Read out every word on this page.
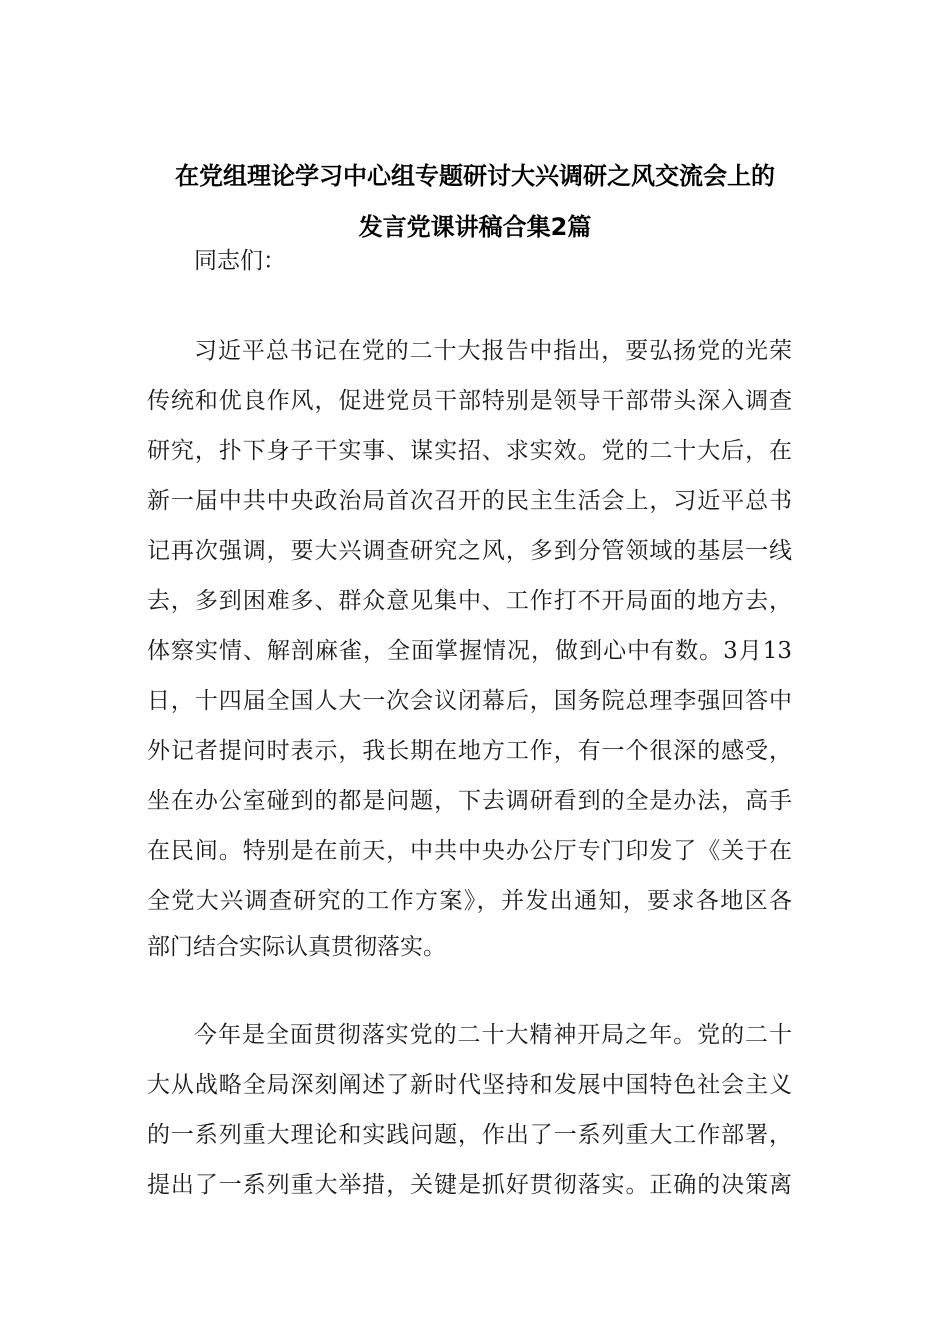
在党组理论学习中心组专题研讨大兴调研之风交流会上的
发言党课讲稿合集2篇
同志们：
习近平总书记在党的二十大报告中指出，要弘扬党的光荣
传统和优良作风，促进党员干部特别是领导干部带头深入调查
研究，扑下身子干实事、谋实招、求实效。党的二十大后，在
新一届中共中央政治局首次召开的民主生活会上，习近平总书
记再次强调，要大兴调查研究之风，多到分管领域的基层一线
去，多到困难多、群众意见集中、工作打不开局面的地方去，
体察实情、解剖麻雀，全面掌握情况，做到心中有数。3月13
日，十四届全国人大一次会议闭幕后，国务院总理李强回答中
外记者提问时表示，我长期在地方工作，有一个很深的感受，
坐在办公室碰到的都是问题，下去调研看到的全是办法，高手
在民间。特别是在前天，中共中央办公厅专门印发了《关于在
全党大兴调查研究的工作方案》，并发出通知，要求各地区各
部门结合实际认真贯彻落实。
今年是全面贯彻落实党的二十大精神开局之年。党的二十
大从战略全局深刻阐述了新时代坚持和发展中国特色社会主义
的一系列重大理论和实践问题，作出了一系列重大工作部署，
提出了一系列重大举措，关键是抓好贯彻落实。正确的决策离
